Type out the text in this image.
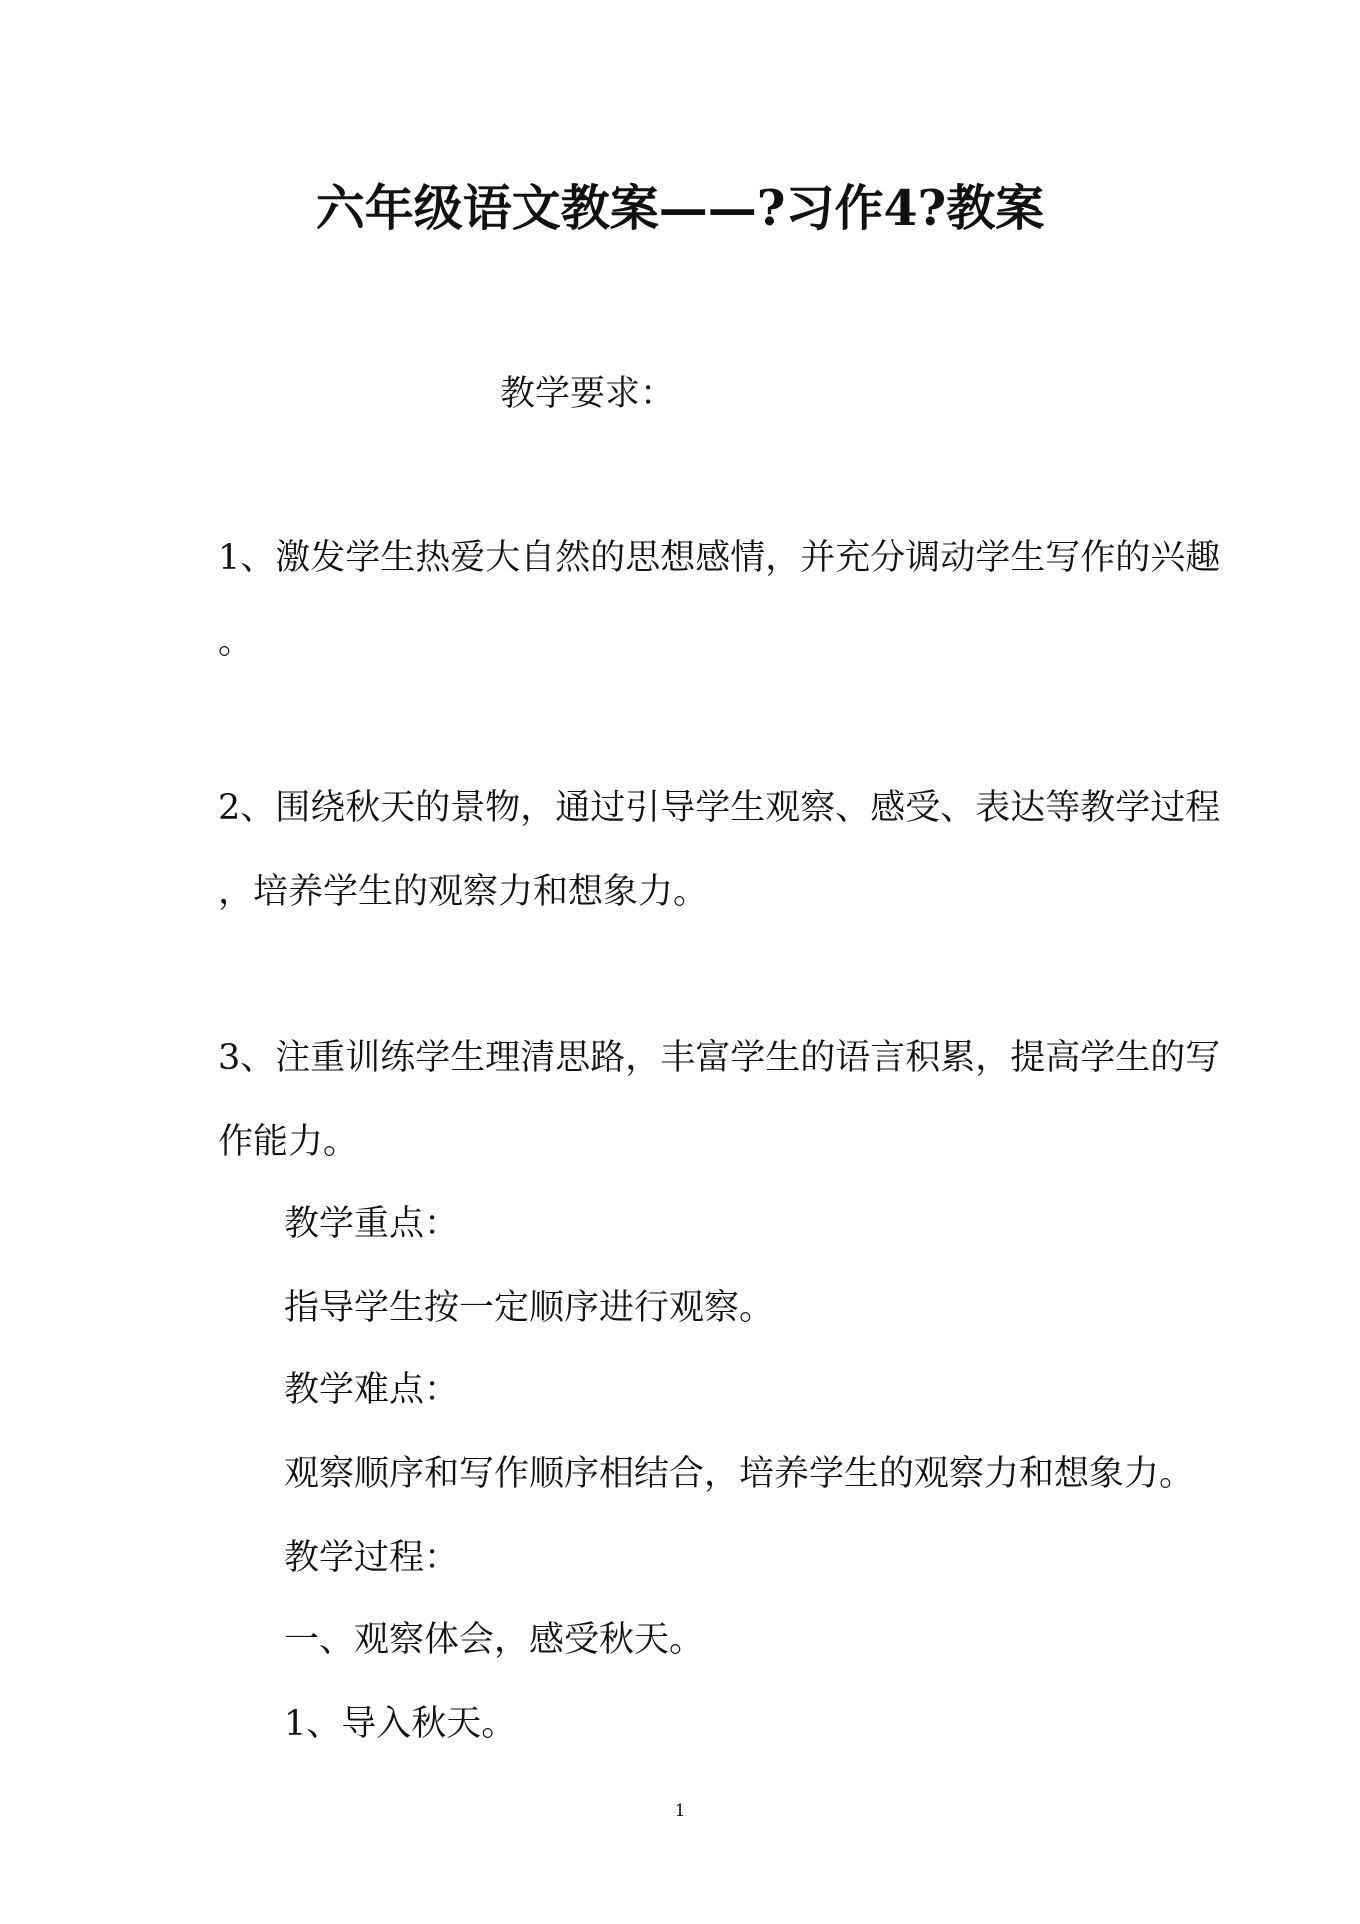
六年级语文教案——?习作4?教案
教学要求：
1、激发学生热爱大自然的思想感情，并充分调动学生写作的兴趣
。
2、围绕秋天的景物，通过引导学生观察、感受、表达等教学过程
，培养学生的观察力和想象力。
3、注重训练学生理清思路，丰富学生的语言积累，提高学生的写
作能力。
教学重点：
指导学生按一定顺序进行观察。
教学难点：
观察顺序和写作顺序相结合，培养学生的观察力和想象力。
教学过程：
一、观察体会，感受秋天。
1、导入秋天。
1
